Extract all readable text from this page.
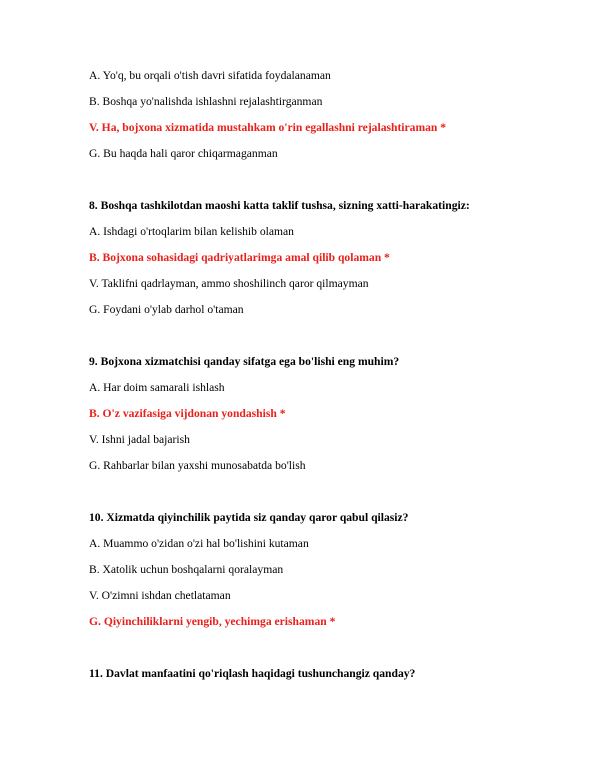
A. Yo'q, bu orqali o'tish davri sifatida foydalanaman
B. Boshqa yo'nalishda ishlashni rejalashtirganman
V. Ha, bojxona xizmatida mustahkam o'rin egallashni rejalashtiraman *
G. Bu haqda hali qaror chiqarmaganman
8. Boshqa tashkilotdan maoshi katta taklif tushsa, sizning xatti-harakatingiz:
A. Ishdagi o'rtoqlarim bilan kelishib olaman
B. Bojxona sohasidagi qadriyatlarimga amal qilib qolaman *
V. Taklifni qadrlayman, ammo shoshilinch qaror qilmayman
G. Foydani o'ylab darhol o'taman
9. Bojxona xizmatchisi qanday sifatga ega bo'lishi eng muhim?
A. Har doim samarali ishlash
B. O'z vazifasiga vijdonan yondashish *
V. Ishni jadal bajarish
G. Rahbarlar bilan yaxshi munosabatda bo'lish
10. Xizmatda qiyinchilik paytida siz qanday qaror qabul qilasiz?
A. Muammo o'zidan o'zi hal bo'lishini kutaman
B. Xatolik uchun boshqalarni qoralayman
V. O'zimni ishdan chetlataman
G. Qiyinchiliklarni yengib, yechimga erishaman *
11. Davlat manfaatini qo'riqlash haqidagi tushunchangiz qanday?
